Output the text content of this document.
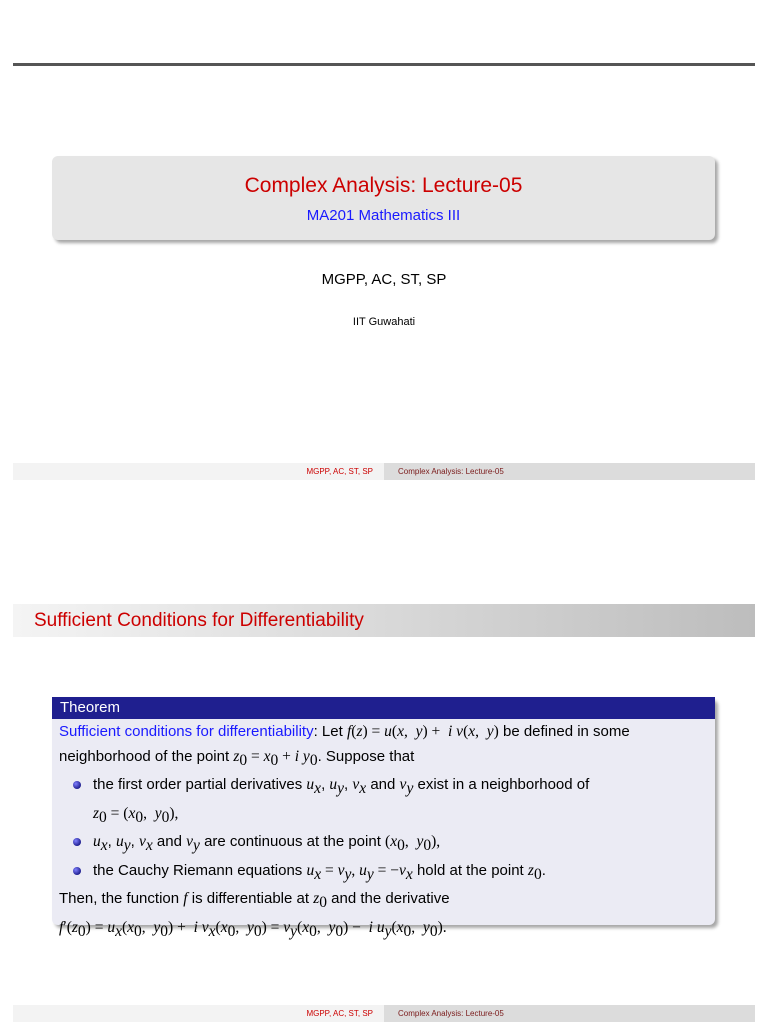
Complex Analysis: Lecture-05
MA201 Mathematics III
MGPP, AC, ST, SP
IIT Guwahati
MGPP, AC, ST, SP	Complex Analysis: Lecture-05
Sufficient Conditions for Differentiability
Theorem
Sufficient conditions for differentiability: Let f(z) = u(x,  y) +  i v(x,  y) be defined in some neighborhood of the point $z_0 = x_0 + i$ $y_0$. Suppose that
the first order partial derivatives $u_x$, $u_y$, $v_x$ and $v_y$ exist in a neighborhood of
$z_0 = (x_0$,  $y_0$),
$u_x$, $u_y$, $v_x$ and $v_y$ are continuous at the point ($x_0$,  $y_0$),
the Cauchy Riemann equations $u_x = v_y$, $u_y = -v_x$ hold at the point $z_0$.
Then, the function f is differentiable at $z_0$ and the derivative
$f'(z_0) = u_x(x_0$,  $y_0) + i$ $v_x(x_0$,  $y_0) = v_y(x_0$,  $y_0) - i$ $u_y(x_0$,  $y_0$).
MGPP, AC, ST, SP	Complex Analysis: Lecture-05
